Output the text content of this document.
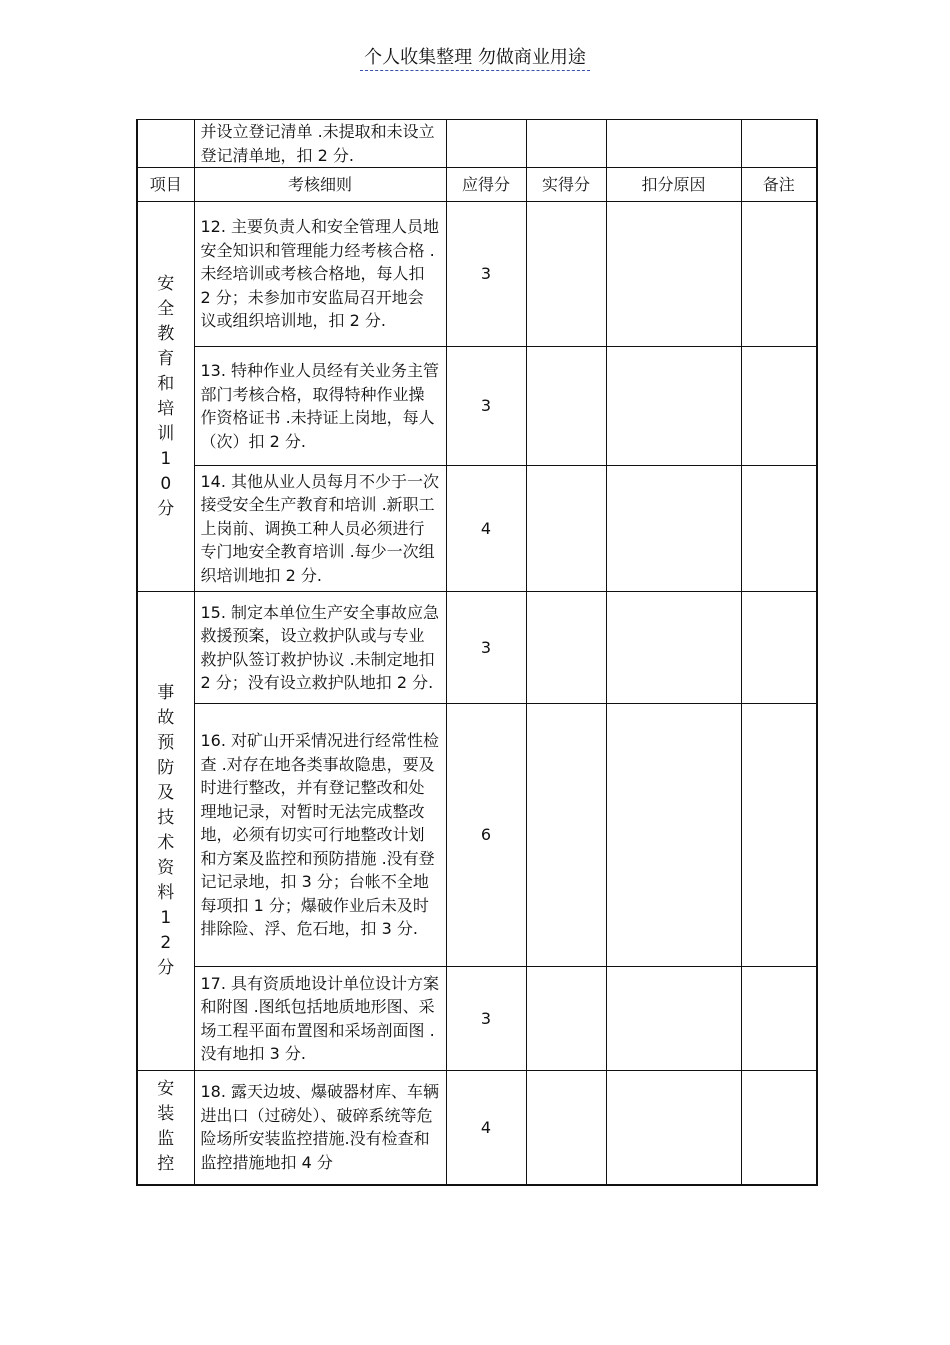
个人收集整理 勿做商业用途
	并设立登记清单 .未提取和未设立登记清单地，扣 2 分.				
项目	考核细则	应得分	实得分	扣分原因	备注
安全教育和培训10分	12. 主要负责人和安全管理人员地安全知识和管理能力经考核合格 .未经培训或考核合格地，每人扣 2 分；未参加市安监局召开地会议或组织培训地，扣 2 分.	3			
	13. 特种作业人员经有关业务主管部门考核合格，取得特种作业操作资格证书 .未持证上岗地，每人（次）扣 2 分.	3			
	14. 其他从业人员每月不少于一次接受安全生产教育和培训 .新职工上岗前、调换工种人员必须进行专门地安全教育培训 .每少一次组织培训地扣 2 分.	4			
事故预防及技术资料12分	15. 制定本单位生产安全事故应急救援预案，设立救护队或与专业救护队签订救护协议 .未制定地扣 2 分；没有设立救护队地扣 2 分.	3			
	16. 对矿山开采情况进行经常性检查 .对存在地各类事故隐患，要及时进行整改，并有登记整改和处理地记录，对暂时无法完成整改地，必须有切实可行地整改计划和方案及监控和预防措施 .没有登记记录地，扣 3 分；台帐不全地每项扣 1 分；爆破作业后未及时排除险、浮、危石地，扣 3 分.	6			
	17. 具有资质地设计单位设计方案和附图 .图纸包括地质地形图、采场工程平面布置图和采场剖面图 .没有地扣 3 分.	3			
安装监控	18. 露天边坡、爆破器材库、车辆进出口（过磅处）、破碎系统等危险场所安装监控措施.没有检查和监控措施地扣 4 分	4			
